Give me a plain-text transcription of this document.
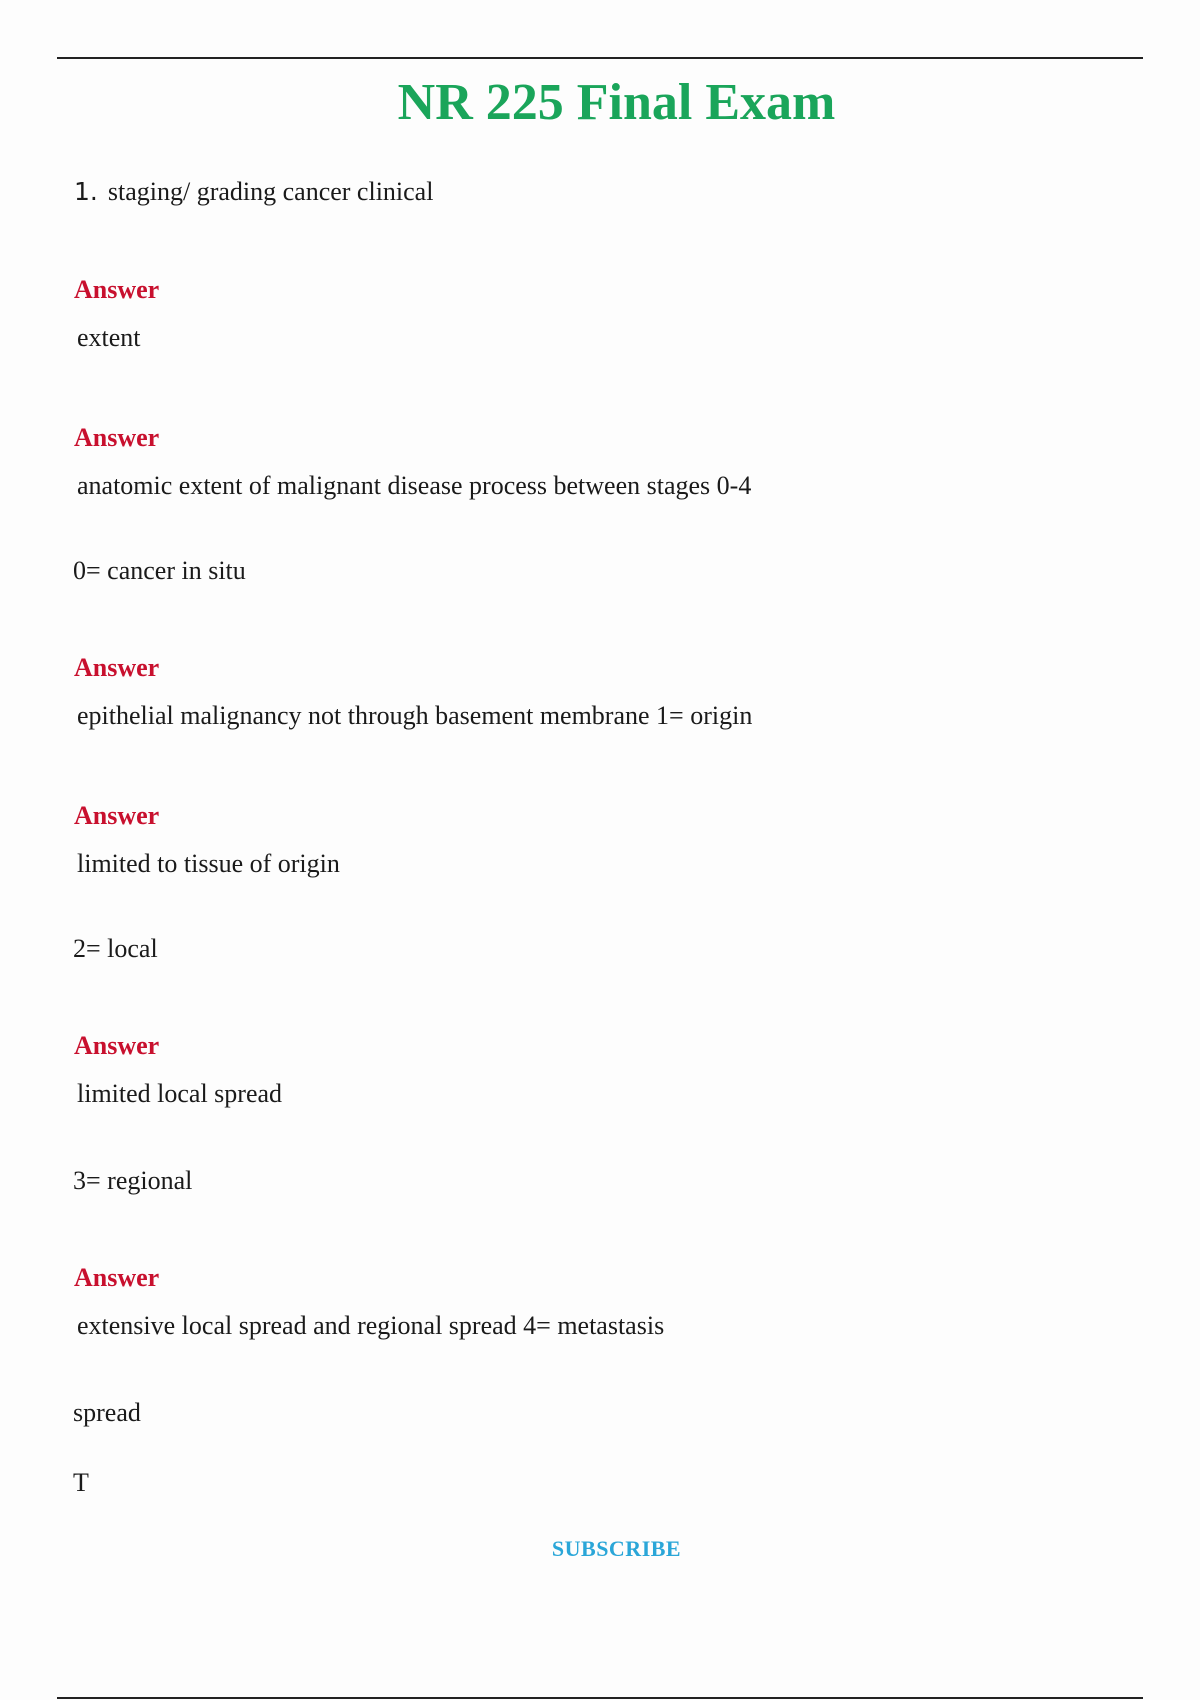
NR 225 Final Exam
1. staging/ grading cancer clinical
Answer
extent
Answer
anatomic extent of malignant disease process between stages 0-4
0= cancer in situ
Answer
epithelial malignancy not through basement membrane 1= origin
Answer
limited to tissue of origin
2= local
Answer
limited local spread
3= regional
Answer
extensive local spread and regional spread 4= metastasis
spread
T
SUBSCRIBE
